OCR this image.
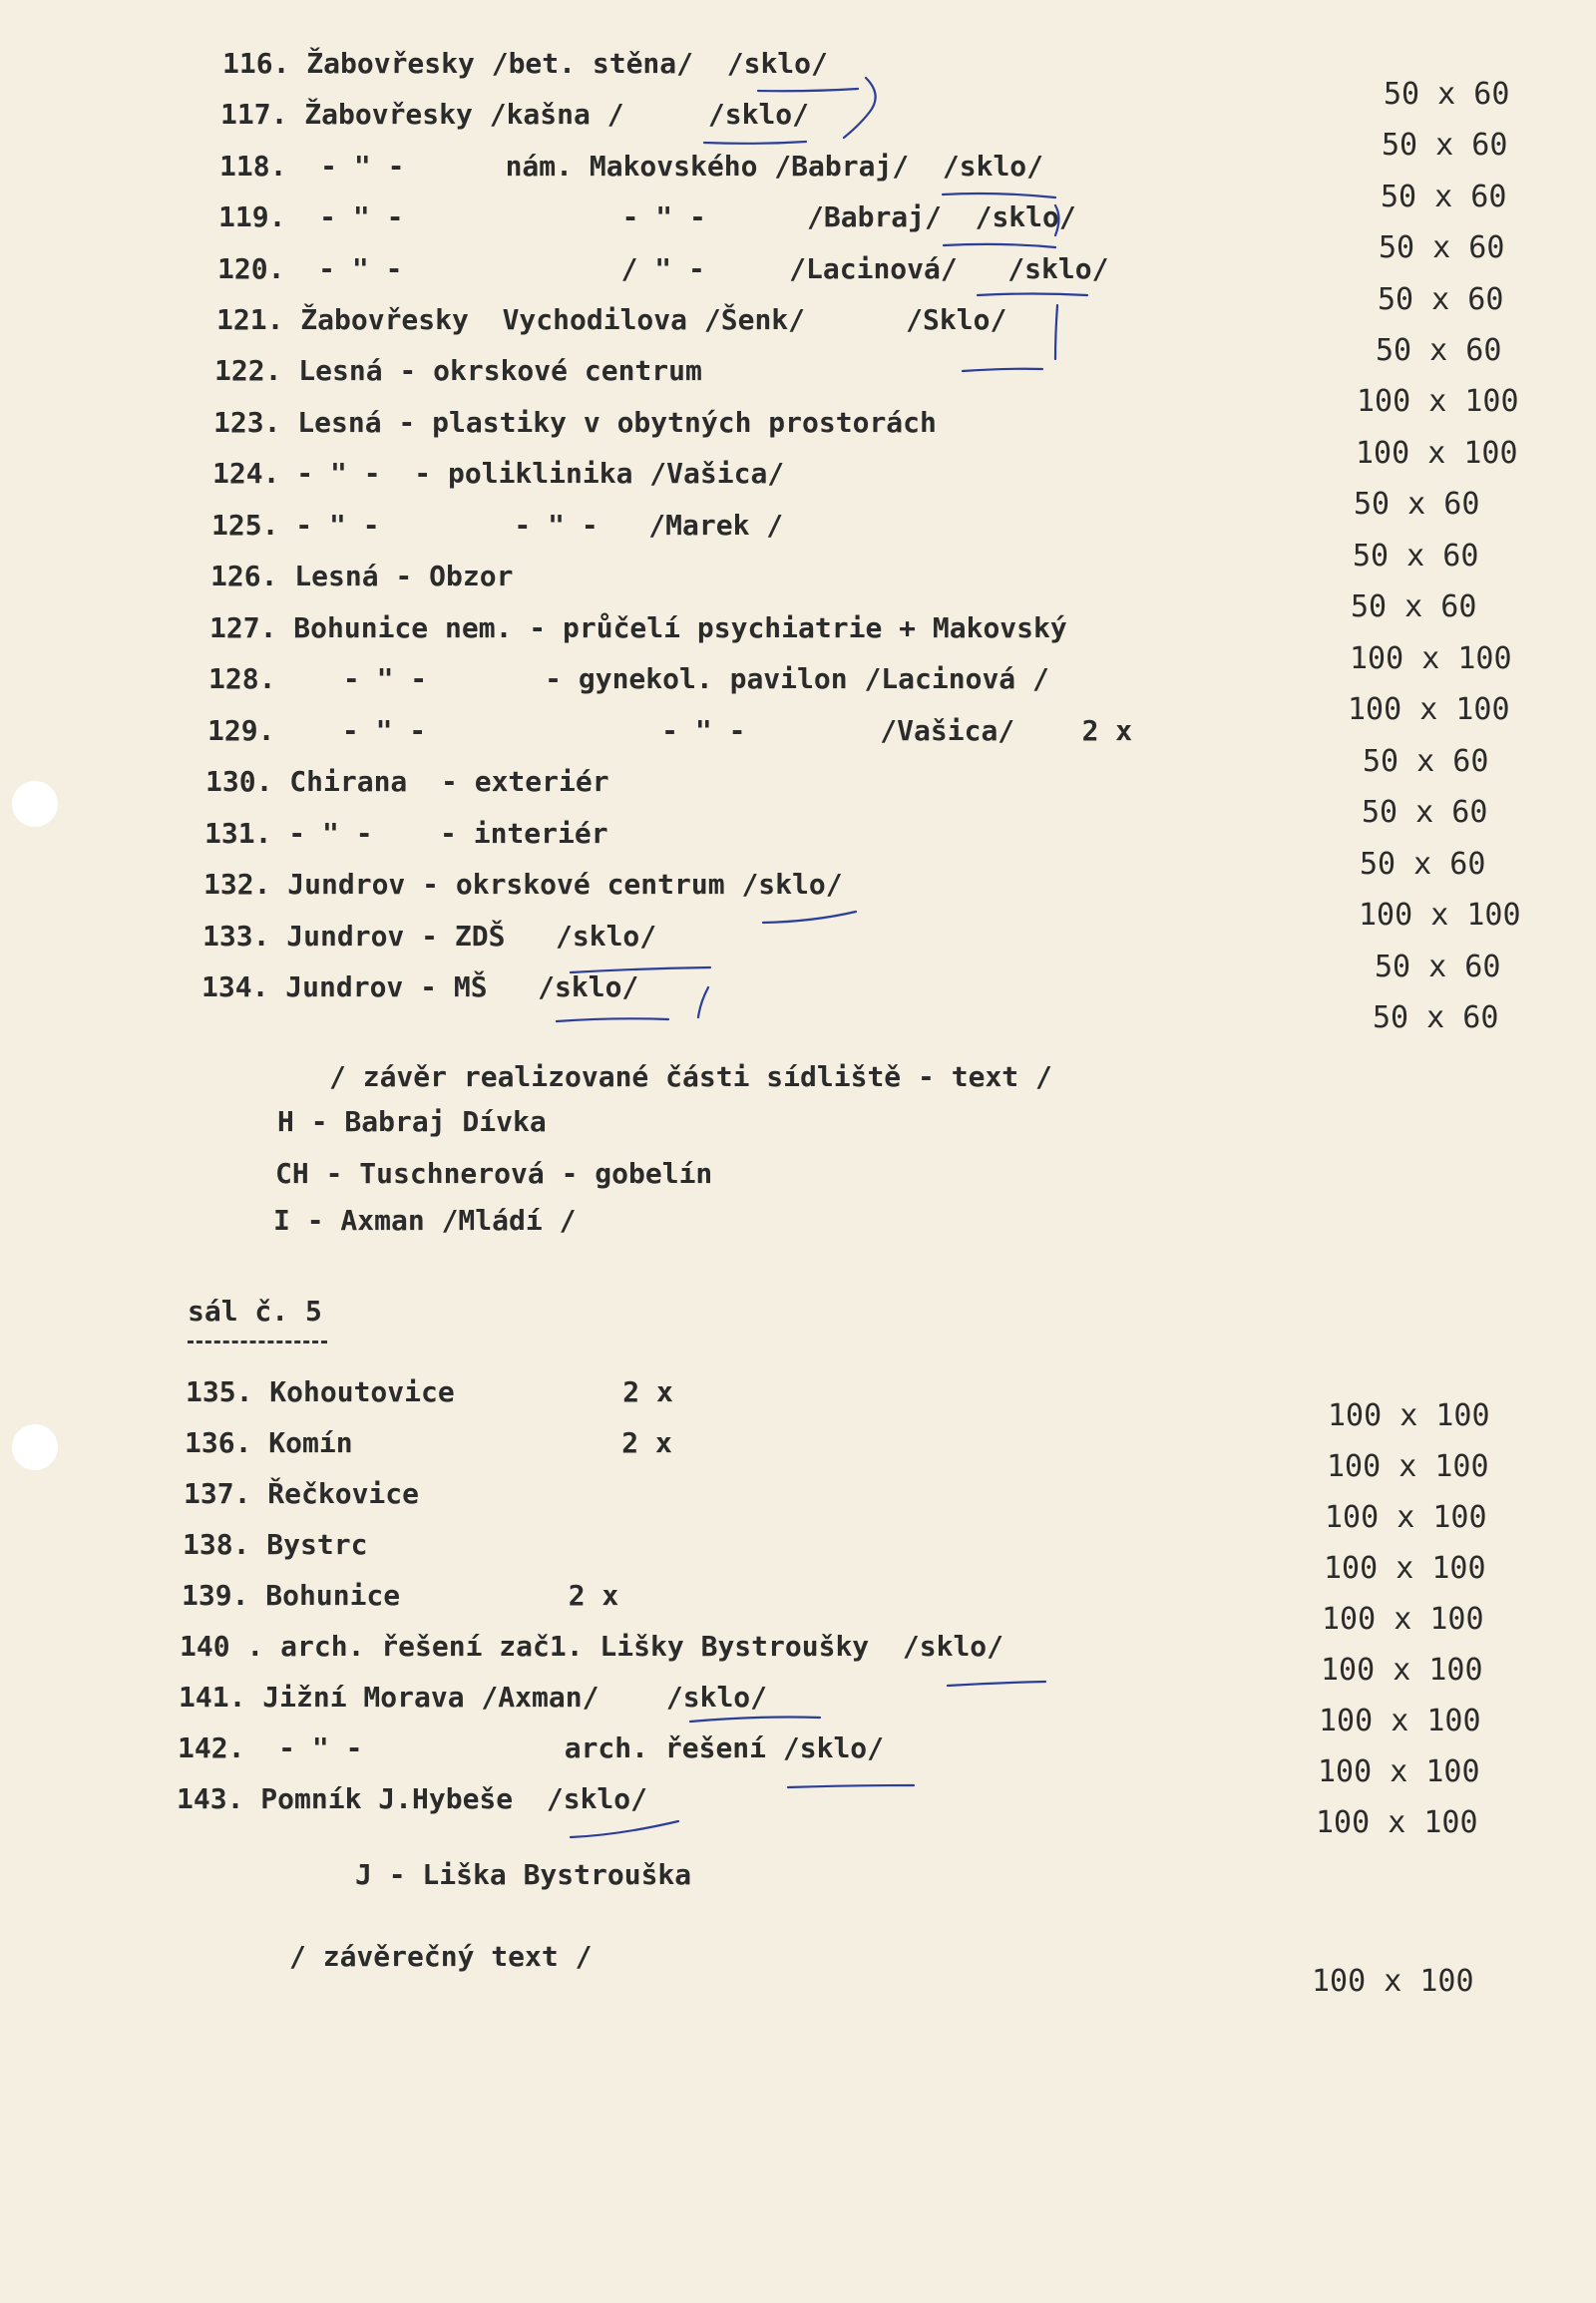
116. Žabovřesky /bet. stěna/  /sklo/
117. Žabovřesky /kašna /     /sklo/
118.  - " -      nám. Makovského /Babraj/  /sklo/
119.  - " -             - " -      /Babraj/  /sklo/
120.  - " -             / " -     /Lacinová/   /sklo/
121. Žabovřesky  Vychodilova /Šenk/      /Sklo/
122. Lesná - okrskové centrum
123. Lesná - plastiky v obytných prostorách
124. - " -  - poliklinika /Vašica/
125. - " -        - " -   /Marek /
126. Lesná - Obzor
127. Bohunice nem. - průčelí psychiatrie + Makovský
128.    - " -       - gynekol. pavilon /Lacinová /
129.    - " -              - " -        /Vašica/    2 x
130. Chirana  - exteriér
131. - " -    - interiér
132. Jundrov - okrskové centrum /sklo/
133. Jundrov - ZDŠ   /sklo/
134. Jundrov - MŠ   /sklo/
50 x 60
50 x 60
50 x 60
50 x 60
50 x 60
50 x 60
100 x 100
100 x 100
50 x 60
50 x 60
50 x 60
100 x 100
100 x 100
50 x 60
50 x 60
50 x 60
100 x 100
50 x 60
50 x 60
/ závěr realizované části sídliště - text /
H - Babraj Dívka
CH - Tuschnerová - gobelín
I - Axman /Mládí /
sál č. 5
135. Kohoutovice          2 x
136. Komín                2 x
137. Řečkovice
138. Bystrc
139. Bohunice          2 x
140 . arch. řešení zač1. Lišky Bystroušky  /sklo/
141. Jižní Morava /Axman/    /sklo/
142.  - " -            arch. řešení /sklo/
143. Pomník J.Hybeše  /sklo/
100 x 100
100 x 100
100 x 100
100 x 100
100 x 100
100 x 100
100 x 100
100 x 100
100 x 100
J - Liška Bystrouška
/ závěrečný text /
100 x 100
